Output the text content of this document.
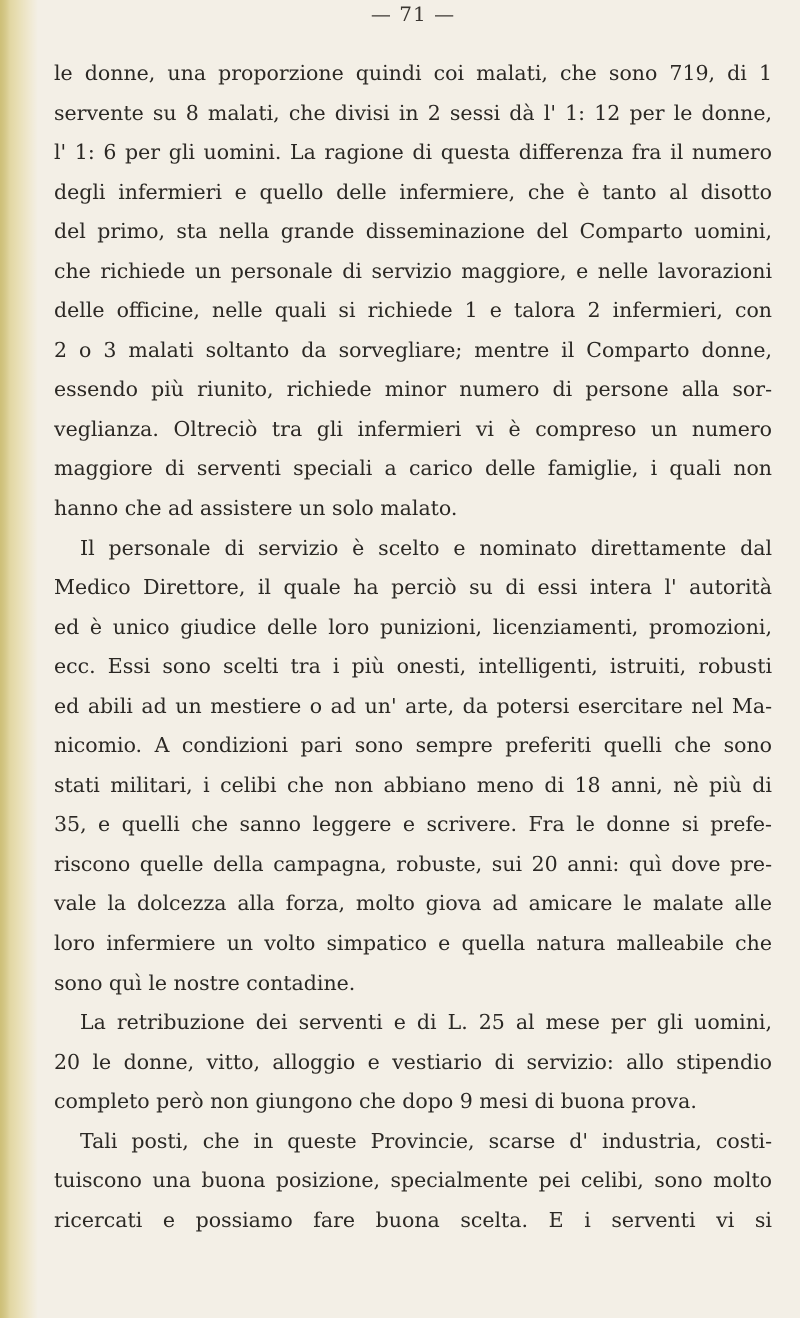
— 71 —
le donne, una proporzione quindi coi malati, che sono 719, di 1
servente su 8 malati, che divisi in 2 sessi dà l' 1: 12 per le donne,
l' 1: 6 per gli uomini. La ragione di questa differenza fra il numero
degli infermieri e quello delle infermiere, che è tanto al disotto
del primo, sta nella grande disseminazione del Comparto uomini,
che richiede un personale di servizio maggiore, e nelle lavorazioni
delle officine, nelle quali si richiede 1 e talora 2 infermieri, con
2 o 3 malati soltanto da sorvegliare; mentre il Comparto donne,
essendo più riunito, richiede minor numero di persone alla sor-
veglianza. Oltreciò tra gli infermieri vi è compreso un numero
maggiore di serventi speciali a carico delle famiglie, i quali non
hanno che ad assistere un solo malato.
Il personale di servizio è scelto e nominato direttamente dal
Medico Direttore, il quale ha perciò su di essi intera l' autorità
ed è unico giudice delle loro punizioni, licenziamenti, promozioni,
ecc. Essi sono scelti tra i più onesti, intelligenti, istruiti, robusti
ed abili ad un mestiere o ad un' arte, da potersi esercitare nel Ma-
nicomio. A condizioni pari sono sempre preferiti quelli che sono
stati militari, i celibi che non abbiano meno di 18 anni, nè più di
35, e quelli che sanno leggere e scrivere. Fra le donne si prefe-
riscono quelle della campagna, robuste, sui 20 anni: quì dove pre-
vale la dolcezza alla forza, molto giova ad amicare le malate alle
loro infermiere un volto simpatico e quella natura malleabile che
sono quì le nostre contadine.
La retribuzione dei serventi e di L. 25 al mese per gli uomini,
20 le donne, vitto, alloggio e vestiario di servizio: allo stipendio
completo però non giungono che dopo 9 mesi di buona prova.
Tali posti, che in queste Provincie, scarse d' industria, costi-
tuiscono una buona posizione, specialmente pei celibi, sono molto
ricercati e possiamo fare buona scelta. E i serventi vi si
